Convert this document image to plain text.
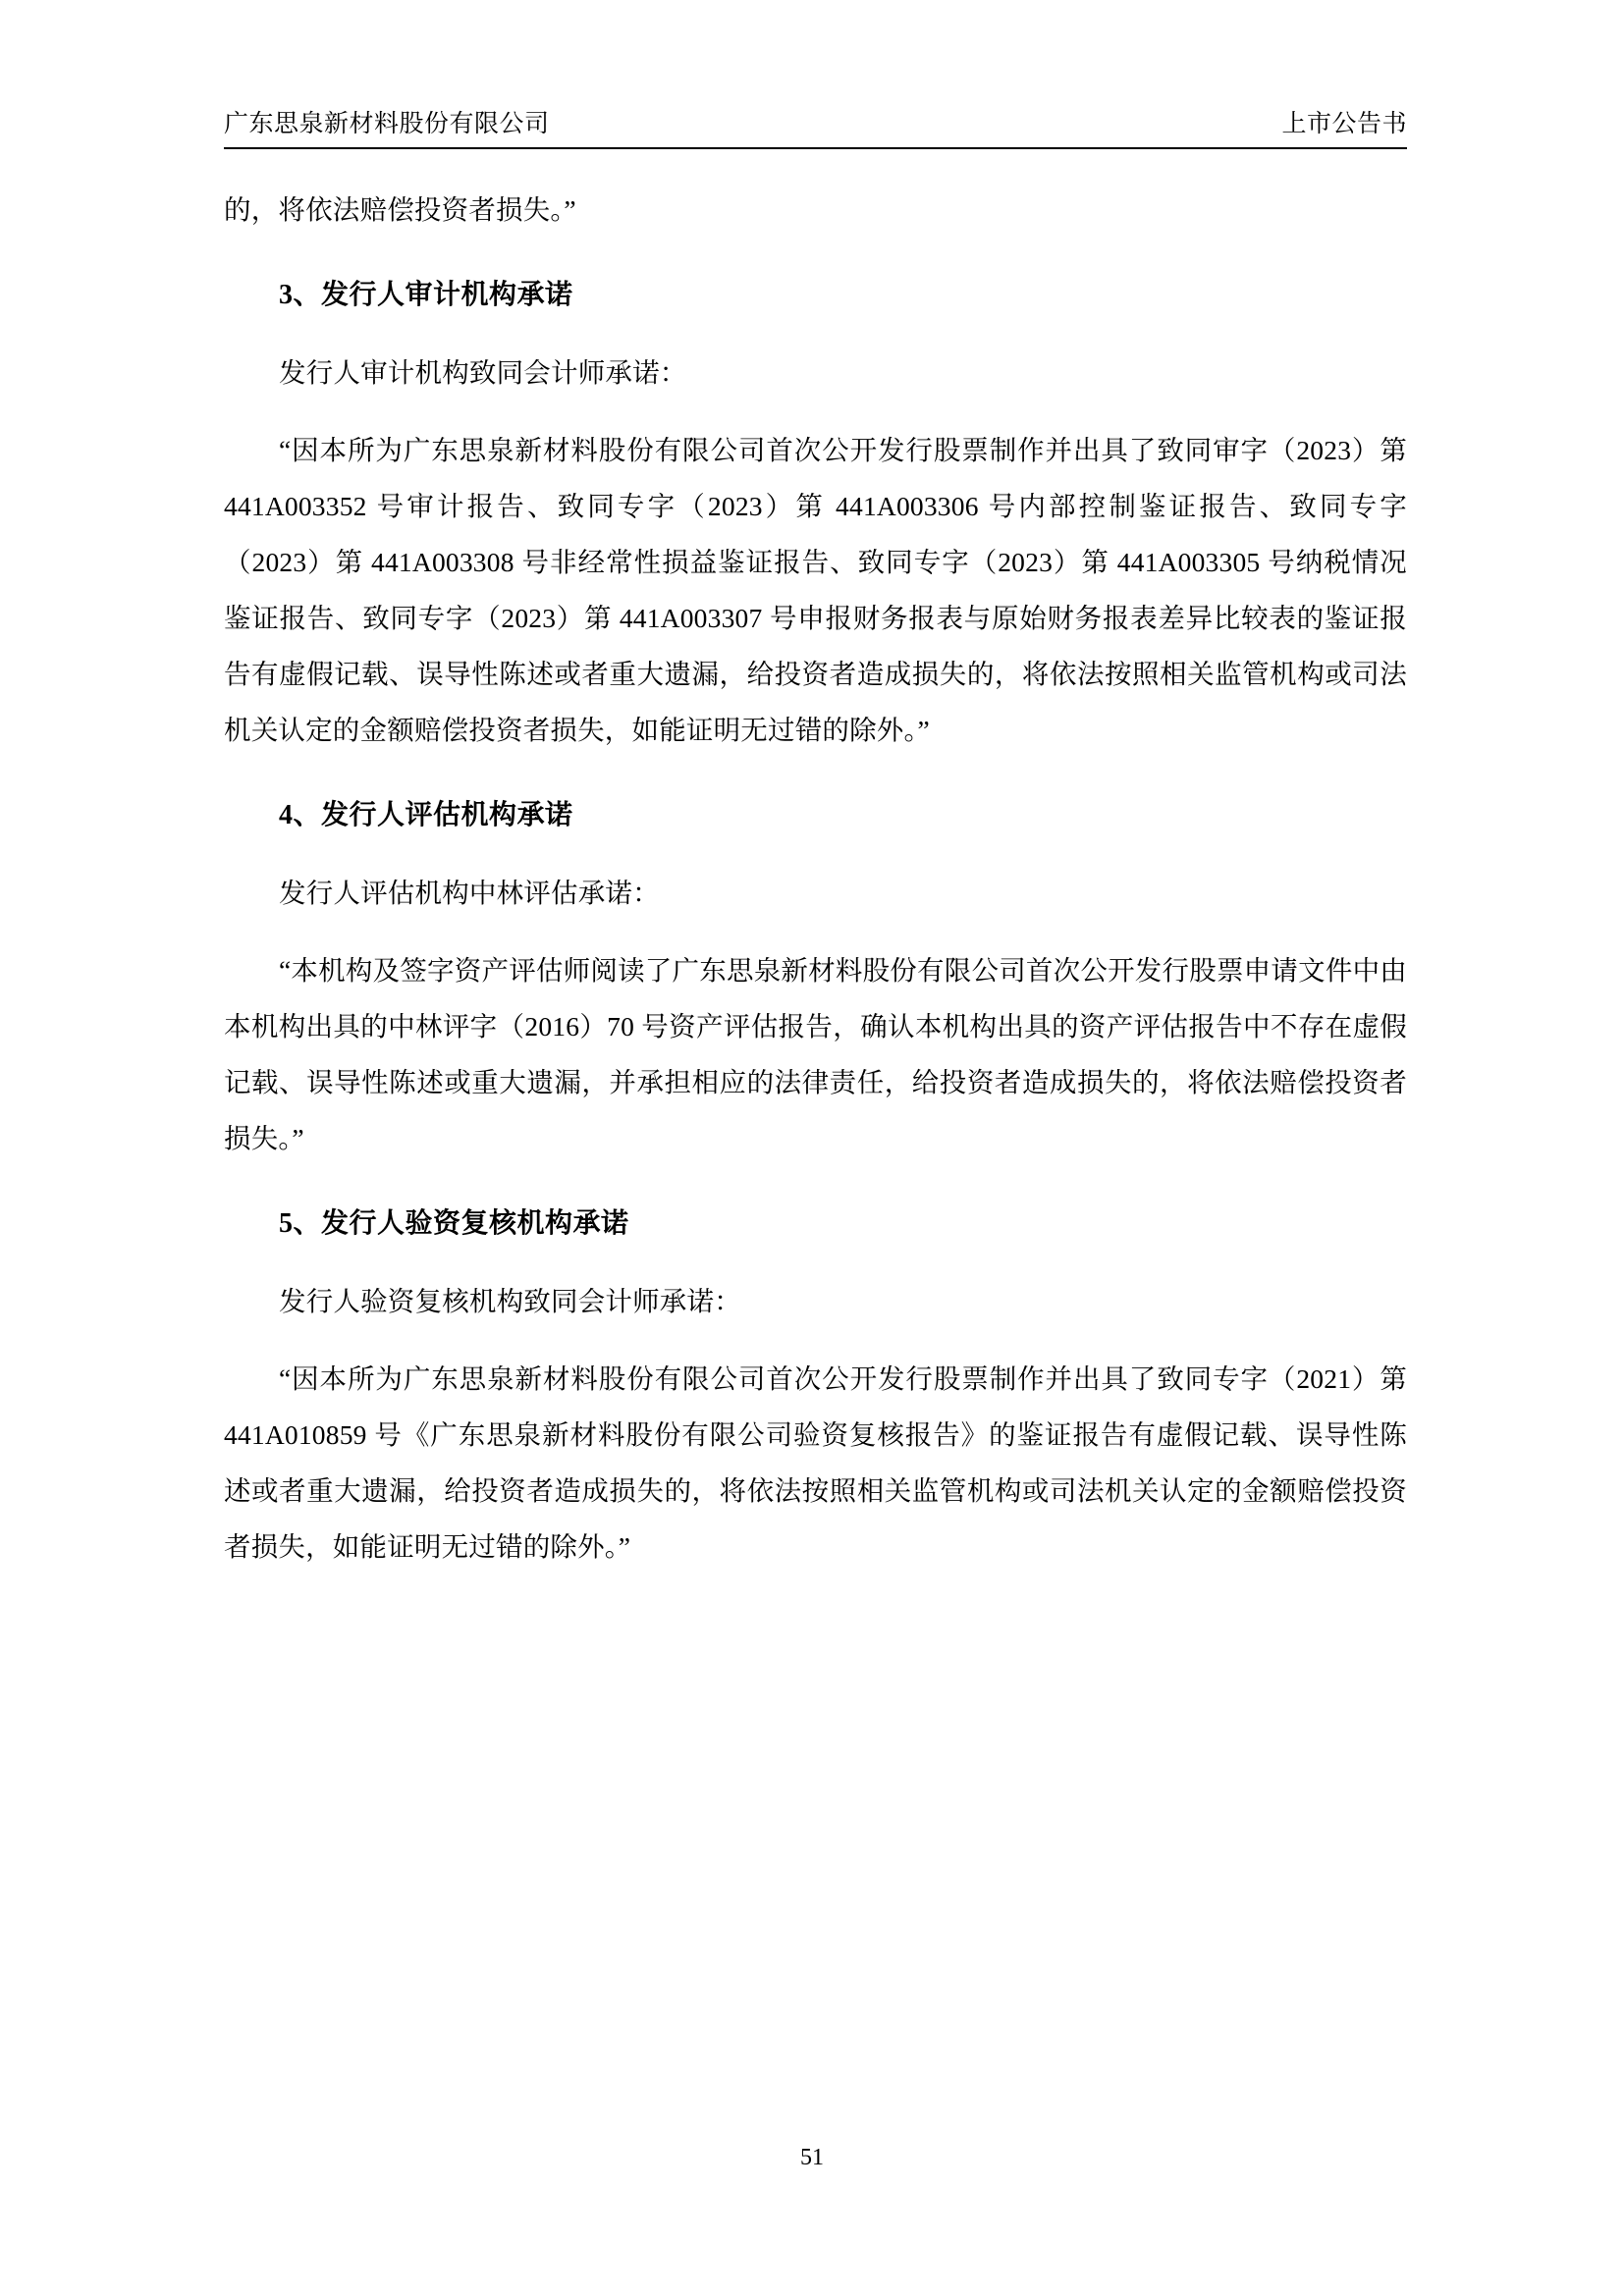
广东思泉新材料股份有限公司	上市公告书

的，将依法赔偿投资者损失。”

3、发行人审计机构承诺

发行人审计机构致同会计师承诺：

“因本所为广东思泉新材料股份有限公司首次公开发行股票制作并出具了致同审字（2023）第 441A003352 号审计报告、致同专字（2023）第 441A003306 号内部控制鉴证报告、致同专字（2023）第 441A003308 号非经常性损益鉴证报告、致同专字（2023）第 441A003305 号纳税情况鉴证报告、致同专字（2023）第 441A003307 号申报财务报表与原始财务报表差异比较表的鉴证报告有虚假记载、误导性陈述或者重大遗漏，给投资者造成损失的，将依法按照相关监管机构或司法机关认定的金额赔偿投资者损失，如能证明无过错的除外。”

4、发行人评估机构承诺

发行人评估机构中林评估承诺：

“本机构及签字资产评估师阅读了广东思泉新材料股份有限公司首次公开发行股票申请文件中由本机构出具的中林评字（2016）70 号资产评估报告，确认本机构出具的资产评估报告中不存在虚假记载、误导性陈述或重大遗漏，并承担相应的法律责任，给投资者造成损失的，将依法赔偿投资者损失。”

5、发行人验资复核机构承诺

发行人验资复核机构致同会计师承诺：

“因本所为广东思泉新材料股份有限公司首次公开发行股票制作并出具了致同专字（2021）第 441A010859 号《广东思泉新材料股份有限公司验资复核报告》的鉴证报告有虚假记载、误导性陈述或者重大遗漏，给投资者造成损失的，将依法按照相关监管机构或司法机关认定的金额赔偿投资者损失，如能证明无过错的除外。”

51
